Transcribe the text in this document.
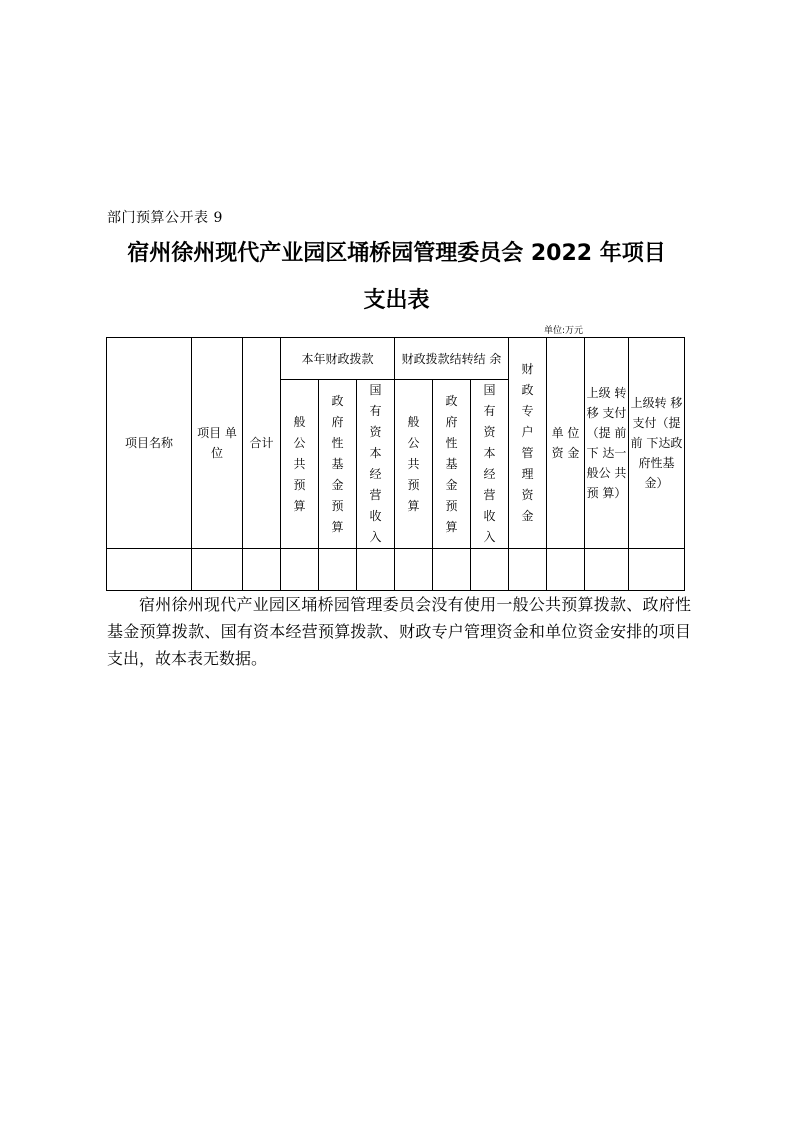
部门预算公开表 9
宿州徐州现代产业园区埇桥园管理委员会 2022 年项目
支出表
单位:万元
项目名称	项目 单位	合计	本年财政拨款			财政拨款结转结 余			财政专户管理资金	单 位 资 金	上级 转移 支付（提 前下 达一般公 共预 算）	上级转 移支付（提前 下达政府性基金）
			般公共预算	政府性基金预算	国有资本经营收入	般公共预算	政府性基金预算	国有资本经营收入				

宿州徐州现代产业园区埇桥园管理委员会没有使用一般公共预算拨款、政府性基金预算拨款、国有资本经营预算拨款、财政专户管理资金和单位资金安排的项目支出，故本表无数据。
